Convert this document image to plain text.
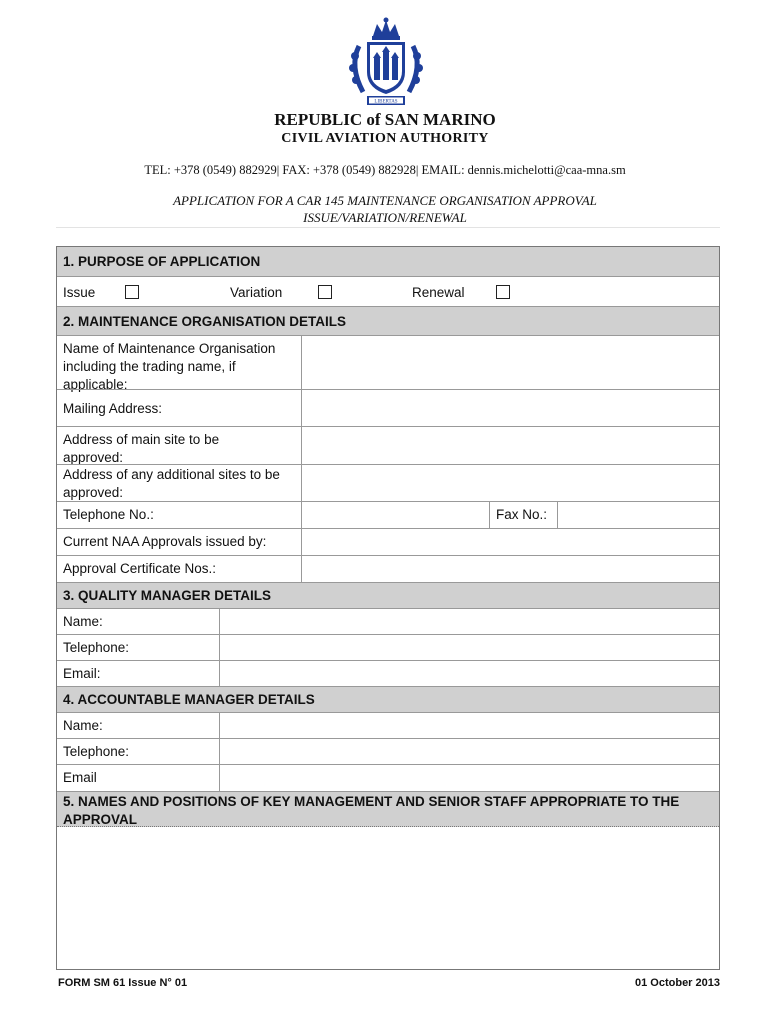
LIBERTAS
REPUBLIC of SAN MARINO
CIVIL AVIATION AUTHORITY
TEL: +378 (0549) 882929| FAX: +378 (0549) 882928| EMAIL: dennis.michelotti@caa-mna.sm
APPLICATION FOR A CAR 145 MAINTENANCE ORGANISATION APPROVAL
ISSUE/VARIATION/RENEWAL
1. PURPOSE OF APPLICATION
Issue	Variation	Renewal
2. MAINTENANCE ORGANISATION DETAILS
Name of Maintenance Organisation
including the trading name, if
applicable:
Mailing Address:
Address of main site to be
approved:
Address of any additional sites to be
approved:
Telephone No.:	Fax No.:
Current NAA Approvals issued by:
Approval Certificate Nos.:
3. QUALITY MANAGER DETAILS
Name:
Telephone:
Email:
4. ACCOUNTABLE MANAGER DETAILS
Name:
Telephone:
Email
5. NAMES AND POSITIONS OF KEY MANAGEMENT AND SENIOR STAFF APPROPRIATE TO THE
APPROVAL
FORM SM 61 Issue N° 01	01 October 2013
